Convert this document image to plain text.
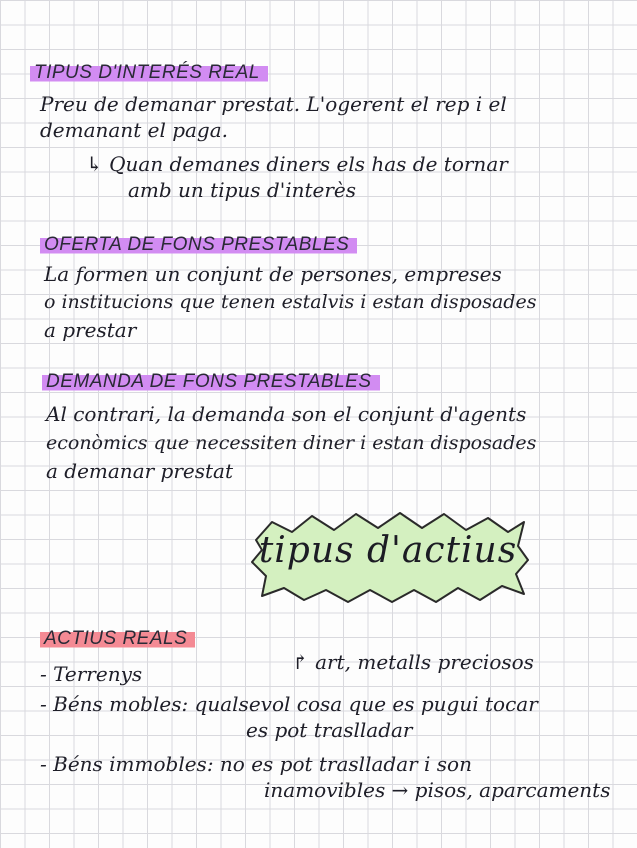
TIPUS D'INTERÉS REAL
Preu de demanar prestat. L'ogerent el rep i el
demanant el paga.
↳ Quan demanes diners els has de tornar
amb un tipus d'interès
OFERTA DE FONS PRESTABLES
La formen un conjunt de persones, empreses
o institucions que tenen estalvis i estan disposades
a prestar
DEMANDA DE FONS PRESTABLES
Al contrari, la demanda son el conjunt d'agents
econòmics que necessiten diner i estan disposades
a demanar prestat
tipus d'actius
ACTIUS REALS
↱ art, metalls preciosos
- Terrenys
- Béns mobles: qualsevol cosa que es pugui tocar
es pot traslladar
- Béns immobles: no es pot traslladar i son
inamovibles → pisos, aparcaments
